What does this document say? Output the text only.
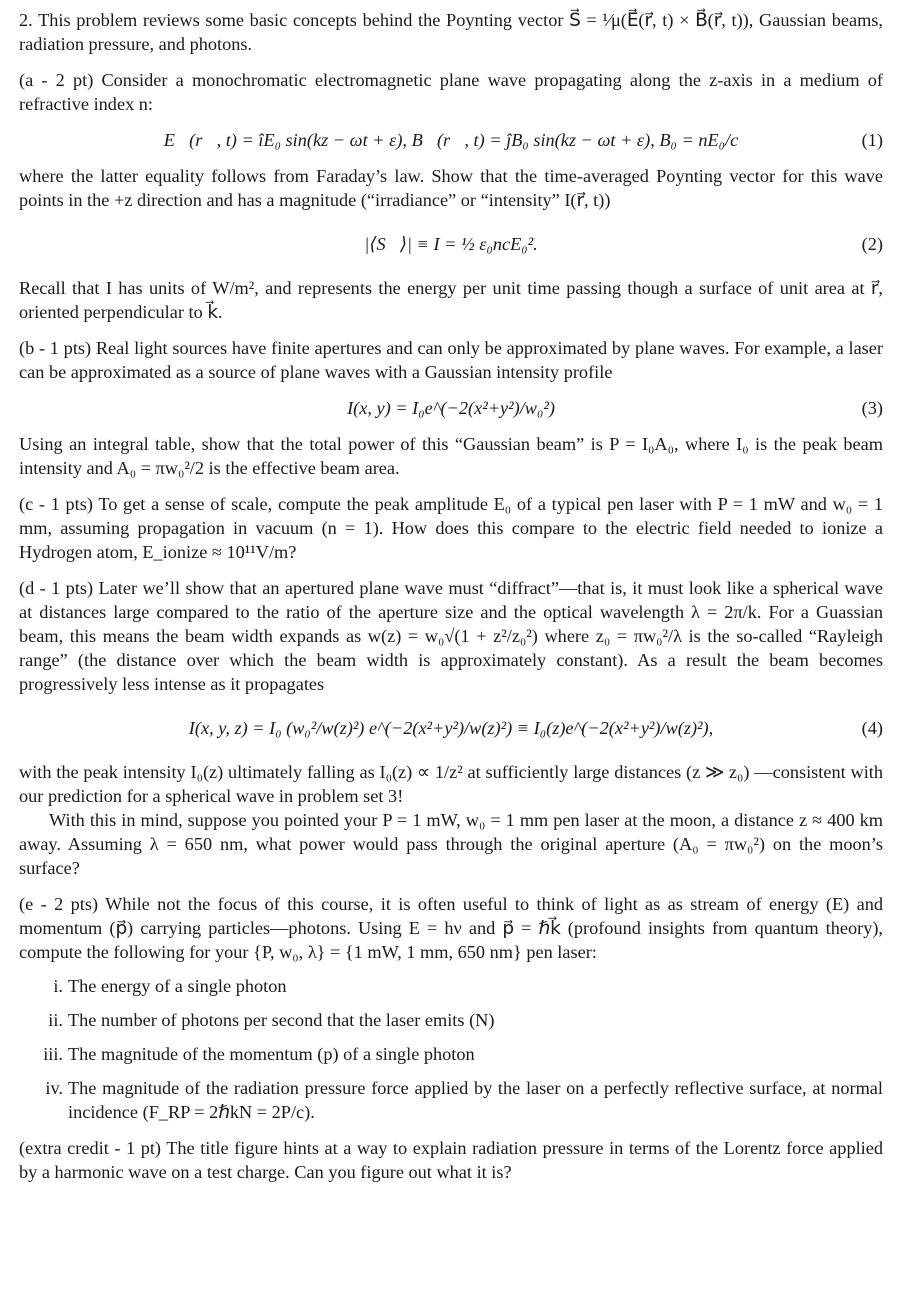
2. This problem reviews some basic concepts behind the Poynting vector S⃗ = ¹⁄μ(E⃗(r⃗, t) × B⃗(r⃗, t)), Gaussian beams, radiation pressure, and photons.

(a - 2 pt) Consider a monochromatic electromagnetic plane wave propagating along the z-axis in a medium of refractive index n:

E⃗(r⃗, t) = îE₀ sin(kz − ωt + ε), B⃗(r⃗, t) = ĵB₀ sin(kz − ωt + ε), B₀ = nE₀/c	(1)

where the latter equality follows from Faraday’s law. Show that the time-averaged Poynting vector for this wave points in the +z direction and has a magnitude (“irradiance” or “intensity” I(r⃗, t))

|⟨S⃗⟩| ≡ I = ½ ε₀ncE₀².	(2)

Recall that I has units of W/m², and represents the energy per unit time passing though a surface of unit area at r⃗, oriented perpendicular to k⃗.

(b - 1 pts) Real light sources have finite apertures and can only be approximated by plane waves. For example, a laser can be approximated as a source of plane waves with a Gaussian intensity profile

I(x, y) = I₀e^(−2(x²+y²)/w₀²)	(3)

Using an integral table, show that the total power of this “Gaussian beam” is P = I₀A₀, where I₀ is the peak beam intensity and A₀ = πw₀²/2 is the effective beam area.

(c - 1 pts) To get a sense of scale, compute the peak amplitude E₀ of a typical pen laser with P = 1 mW and w₀ = 1 mm, assuming propagation in vacuum (n = 1). How does this compare to the electric field needed to ionize a Hydrogen atom, E_ionize ≈ 10¹¹V/m?

(d - 1 pts) Later we’ll show that an apertured plane wave must “diffract”—that is, it must look like a spherical wave at distances large compared to the ratio of the aperture size and the optical wavelength λ = 2π/k. For a Guassian beam, this means the beam width expands as w(z) = w₀√(1 + z²/z₀²) where z₀ = πw₀²/λ is the so-called “Rayleigh range” (the distance over which the beam width is approximately constant). As a result the beam becomes progressively less intense as it propagates

I(x, y, z) = I₀ (w₀²/w(z)²) e^(−2(x²+y²)/w(z)²) ≡ I₀(z)e^(−2(x²+y²)/w(z)²),	(4)

with the peak intensity I₀(z) ultimately falling as I₀(z) ∝ 1/z² at sufficiently large distances (z ≫ z₀) —consistent with our prediction for a spherical wave in problem set 3!

With this in mind, suppose you pointed your P = 1 mW, w₀ = 1 mm pen laser at the moon, a distance z ≈ 400 km away. Assuming λ = 650 nm, what power would pass through the original aperture (A₀ = πw₀²) on the moon’s surface?

(e - 2 pts) While not the focus of this course, it is often useful to think of light as as stream of energy (E) and momentum (p⃗) carrying particles—photons. Using E = hν and p⃗ = ℏk⃗ (profound insights from quantum theory), compute the following for your {P, w₀, λ} = {1 mW, 1 mm, 650 nm} pen laser:

i. The energy of a single photon
ii. The number of photons per second that the laser emits (N)
iii. The magnitude of the momentum (p) of a single photon
iv. The magnitude of the radiation pressure force applied by the laser on a perfectly reflective surface, at normal incidence (F_RP = 2ℏkN = 2P/c).

(extra credit - 1 pt) The title figure hints at a way to explain radiation pressure in terms of the Lorentz force applied by a harmonic wave on a test charge. Can you figure out what it is?
